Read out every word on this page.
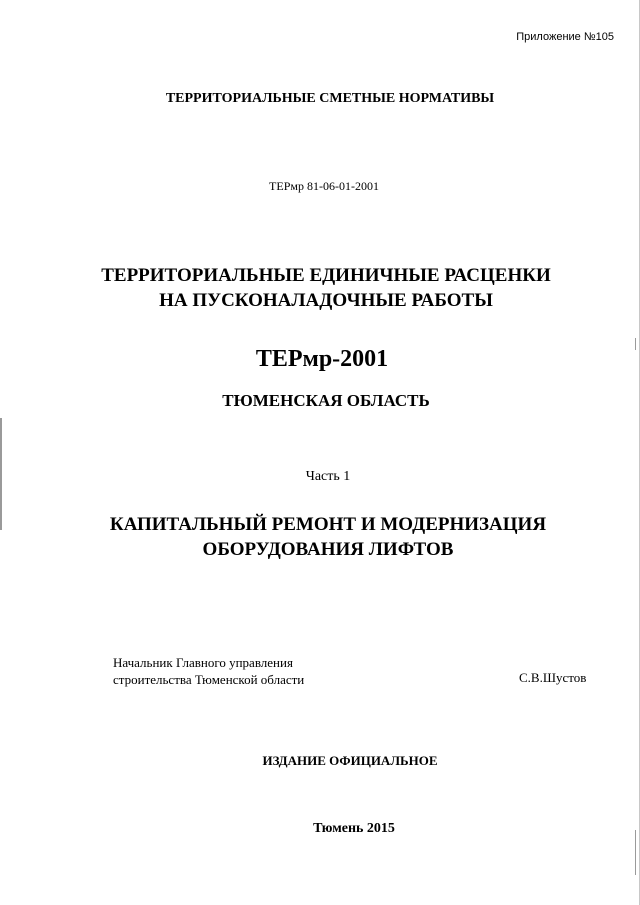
Приложение №105
ТЕРРИТОРИАЛЬНЫЕ СМЕТНЫЕ НОРМАТИВЫ
ТЕРмр 81-06-01-2001
ТЕРРИТОРИАЛЬНЫЕ ЕДИНИЧНЫЕ РАСЦЕНКИ
НА ПУСКОНАЛАДОЧНЫЕ РАБОТЫ
ТЕРмр-2001
ТЮМЕНСКАЯ ОБЛАСТЬ
Часть 1
КАПИТАЛЬНЫЙ РЕМОНТ И МОДЕРНИЗАЦИЯ
ОБОРУДОВАНИЯ ЛИФТОВ
Начальник Главного управления
строительства Тюменской области	С.В.Шустов
ИЗДАНИЕ ОФИЦИАЛЬНОЕ
Тюмень 2015
